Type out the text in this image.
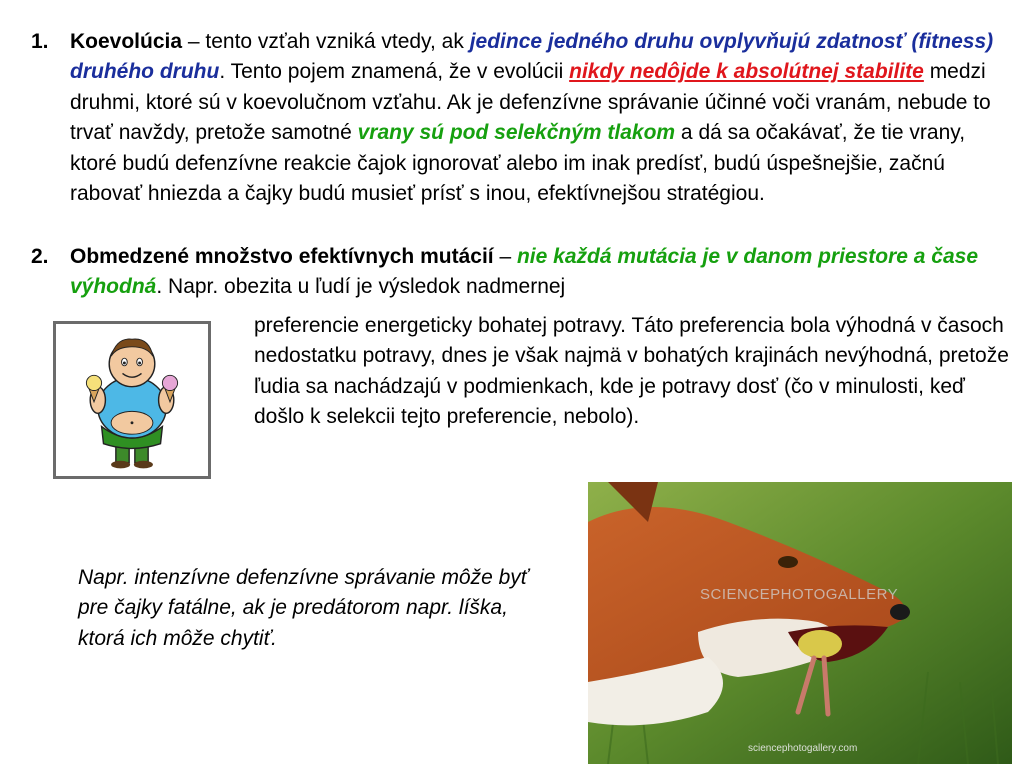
1. Koevolúcia – tento vzťah vzniká vtedy, ak jedince jedného druhu ovplyvňujú zdatnosť (fitness) druhého druhu. Tento pojem znamená, že v evolúcii nikdy nedôjde k absolútnej stabilite medzi druhmi, ktoré sú v koevolučnom vzťahu. Ak je defenzívne správanie účinné voči vranám, nebude to trvať navždy, pretože samotné vrany sú pod selekčným tlakom a dá sa očakávať, že tie vrany, ktoré budú defenzívne reakcie čajok ignorovať alebo im inak predísť, budú úspešnejšie, začnú rabovať hniezda a čajky budú musieť prísť s inou, efektívnejšou stratégiou.
2. Obmedzené množstvo efektívnych mutácií – nie každá mutácia je v danom priestore a čase výhodná. Napr. obezita u ľudí je výsledok nadmernej
preferencie energeticky bohatej potravy. Táto preferencia bola výhodná v časoch nedostatku potravy, dnes je však najmä v bohatých krajinách nevýhodná, pretože ľudia sa nachádzajú v podmienkach, kde je potravy dosť (čo v minulosti, keď došlo k selekcii tejto preferencie, nebolo).
SCIENCEPHOTOGALLERY
sciencephotogallery.com
Napr. intenzívne defenzívne správanie môže byť pre čajky fatálne, ak je predátorom napr. líška, ktorá ich môže chytiť.
